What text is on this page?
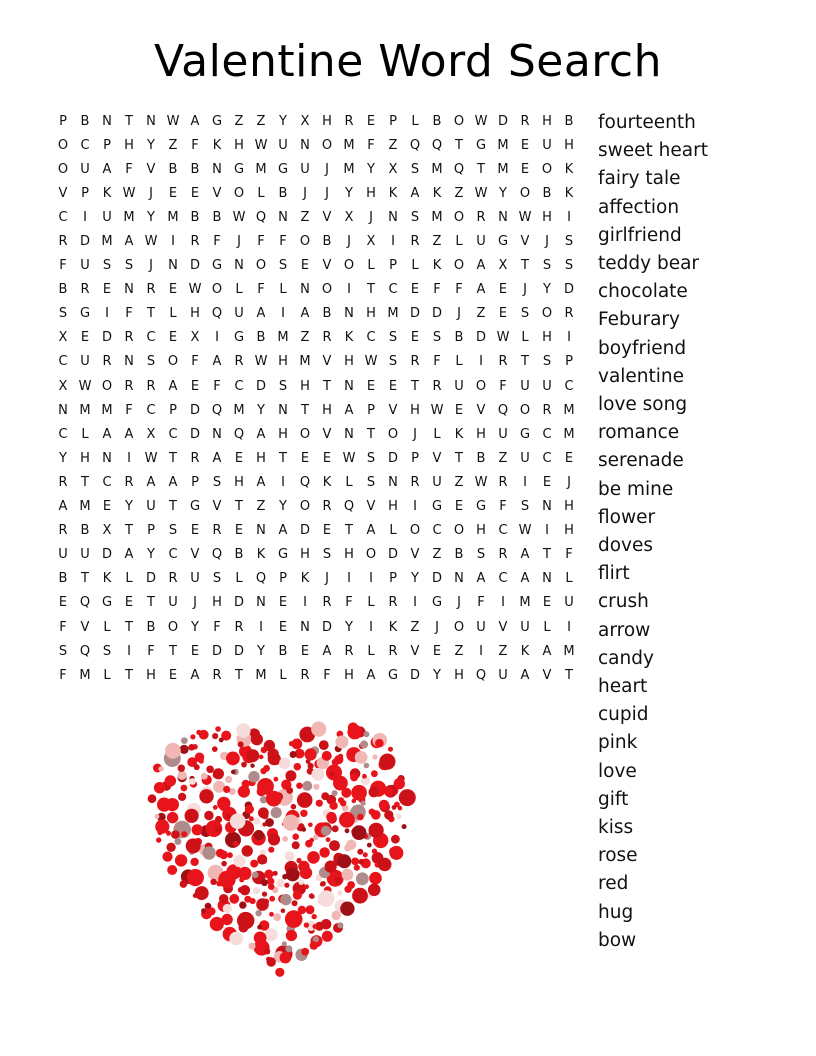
Valentine Word Search
P	B N	T	N W A G Z	Z	Y	X H R	E	P	L	B O W D R H B
O C	P	H	Y	Z	F	K H W U N O M F	Z Q Q T G M E	U H
O U A	F	V	B	B N G M G U	J	M Y	X	S M Q T M E O K
V	P	K W	J	E	E	V O	L	B	J	J	Y	H K	A	K	Z W Y O B	K
C	I	U M Y M B	B W Q N Z	V	X	J	N	S M O R N W H	I
R D M A W	I	R	F	J	F	F	O B	J	X	I	R	Z	L	U G V	J	S
F	U	S	S	J	N D G N O S	E	V O	L	P	L	K O A	X	T	S	S
B	R	E	N R	E W O	L	F	L	N O	I	T	C	E	F	F	A	E	J	Y	D
S G	I	F	T	L	H Q U A	I	A	B N H M D D	J	Z	E	S O R
X	E D R C	E	X	I	G B M Z	R	K	C	S	E	S	B D W L	H	I
C U R N	S O	F	A	R W H M V H W S	R	F	L	I	R	T	S	P
X W O R R	A	E	F	C D S H	T	N	E	E	T	R U O	F	U U C
N M M F	C	P	D Q M Y	N	T	H A	P	V H W E	V Q O R M
C	L	A	A	X	C D N Q A H O V N	T O	J	L	K H U G C M
Y	H N	I	W T	R	A	E	H	T	E	E W S D	P	V	T	B	Z U C	E
R	T	C R	A	A	P	S H A	I	Q K	L	S	N R U Z W R	I	E	J
A M E	Y	U	T G V	T	Z	Y O R Q V H	I	G E G	F	S	N H
R	B	X	T	P	S	E	R	E	N A D E	T	A	L	O C O H C W	I	H
U U D A	Y	C	V Q B	K G H S H O D V	Z	B	S	R	A	T	F
B	T	K	L	D R U	S	L	Q P	K	J	I	I	P	Y	D N A	C	A N	L
E Q G E	T	U	J	H D N	E	I	R	F	L	R	I	G	J	F	I	M E	U
F	V	L	T	B O Y	F	R	I	E	N D	Y	I	K	Z	J	O U V U	L	I
S Q S	I	F	T	E D D	Y	B	E	A	R	L	R	V	E	Z	I	Z	K	A M
F M L	T	H	E	A	R	T M L	R	F	H A G D	Y	H Q U A	V	T
fourteenth
sweet heart
fairy tale
affection
girlfriend
teddy bear
chocolate
Feburary
boyfriend
valentine
love song
romance
serenade
be mine
flower
doves
flirt
crush
arrow
candy
heart
cupid
pink
love
gift
kiss
rose
red
hug
bow
